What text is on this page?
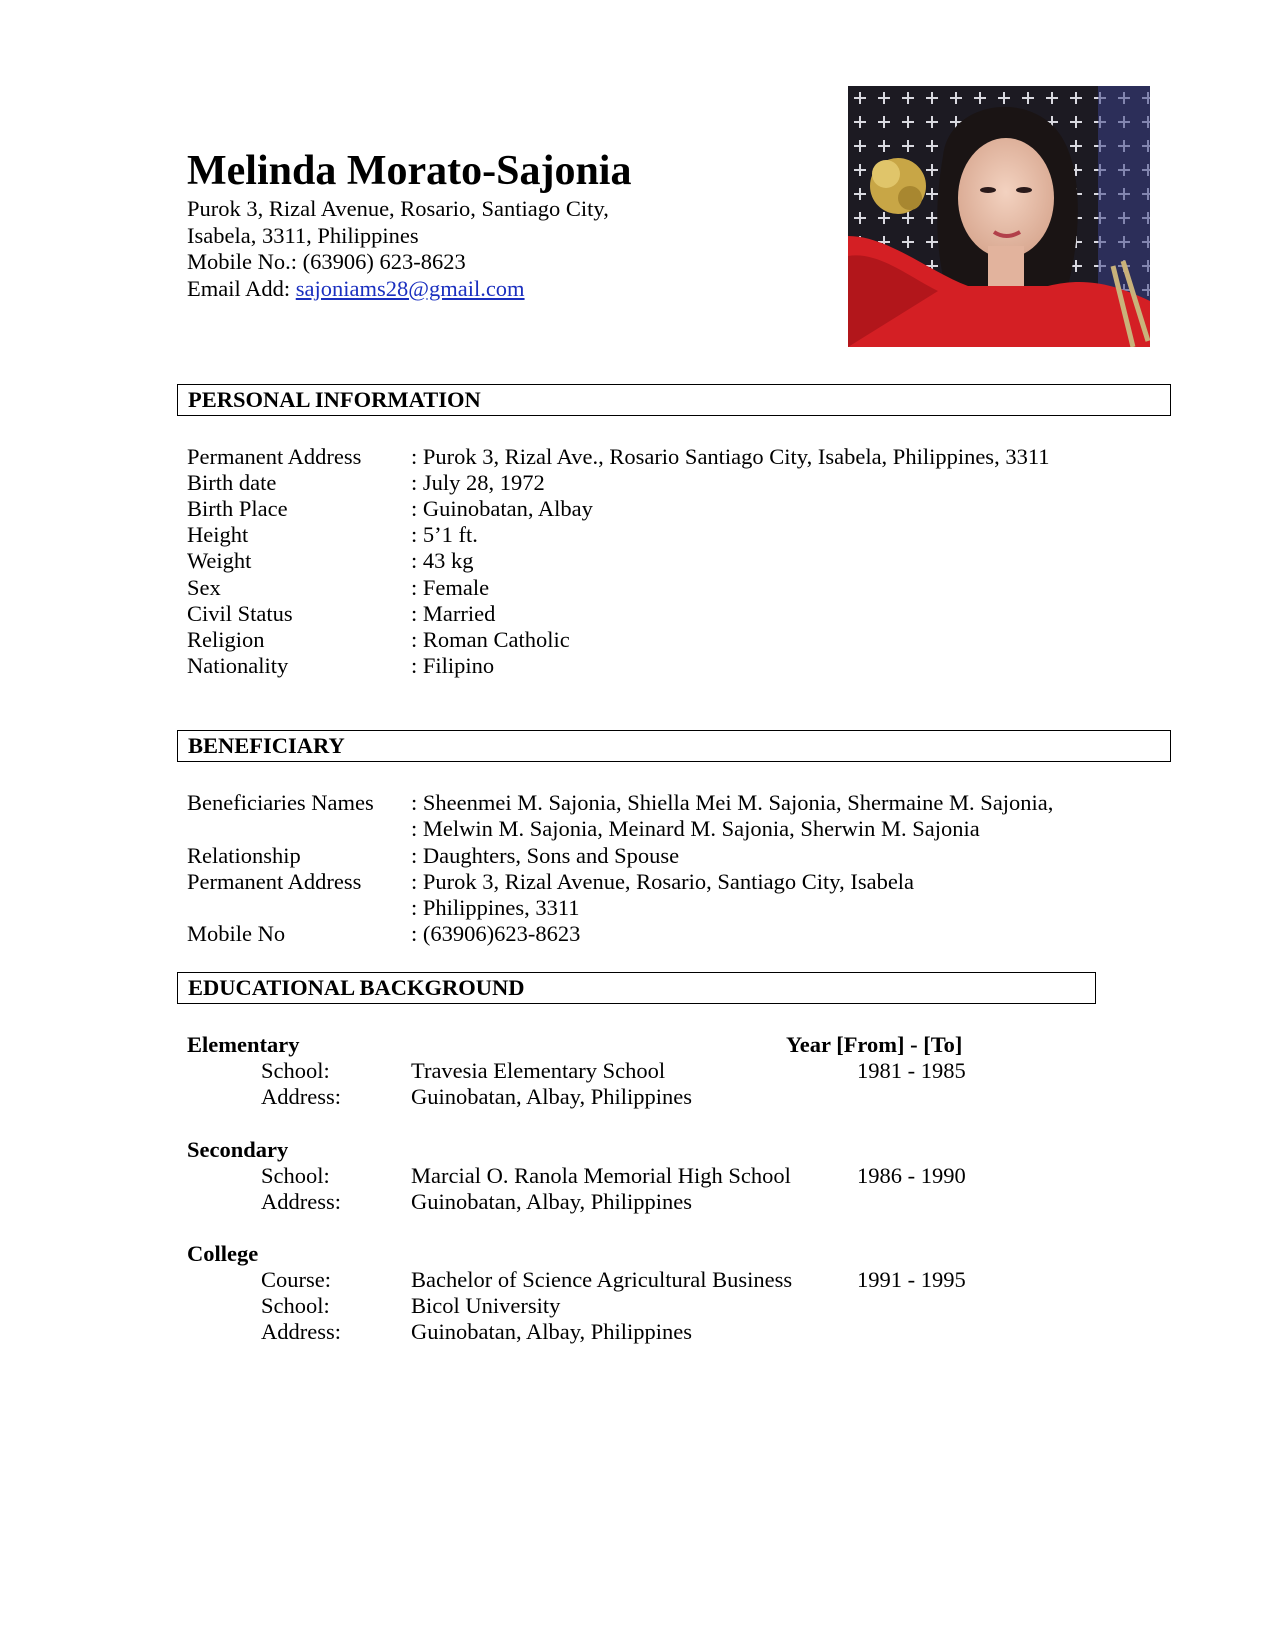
Melinda Morato-Sajonia
Purok 3, Rizal Avenue, Rosario, Santiago City,
Isabela, 3311, Philippines
Mobile No.: (63906) 623-8623
Email Add: sajoniams28@gmail.com
PERSONAL INFORMATION
Permanent Address : Purok 3, Rizal Ave., Rosario Santiago City, Isabela, Philippines, 3311
Birth date	: July 28, 1972
Birth Place	: Guinobatan, Albay
Height	: 5’1 ft.
Weight	: 43 kg
Sex	: Female
Civil Status	: Married
Religion	: Roman Catholic
Nationality	: Filipino
BENEFICIARY
Beneficiaries Names : Sheenmei M. Sajonia, Shiella Mei M. Sajonia, Shermaine M. Sajonia,
: Melwin M. Sajonia, Meinard M. Sajonia, Sherwin M. Sajonia
Relationship	: Daughters, Sons and Spouse
Permanent Address : Purok 3, Rizal Avenue, Rosario, Santiago City, Isabela
: Philippines, 3311
Mobile No	: (63906)623-8623
EDUCATIONAL BACKGROUND
Year [From] - [To]
Elementary
School:	Travesia Elementary School	1981 - 1985
Address:	Guinobatan, Albay, Philippines
Secondary
School:	Marcial O. Ranola Memorial High School	1986 - 1990
Address:	Guinobatan, Albay, Philippines
College
Course:	Bachelor of Science Agricultural Business	1991 - 1995
School:	Bicol University
Address:	Guinobatan, Albay, Philippines
